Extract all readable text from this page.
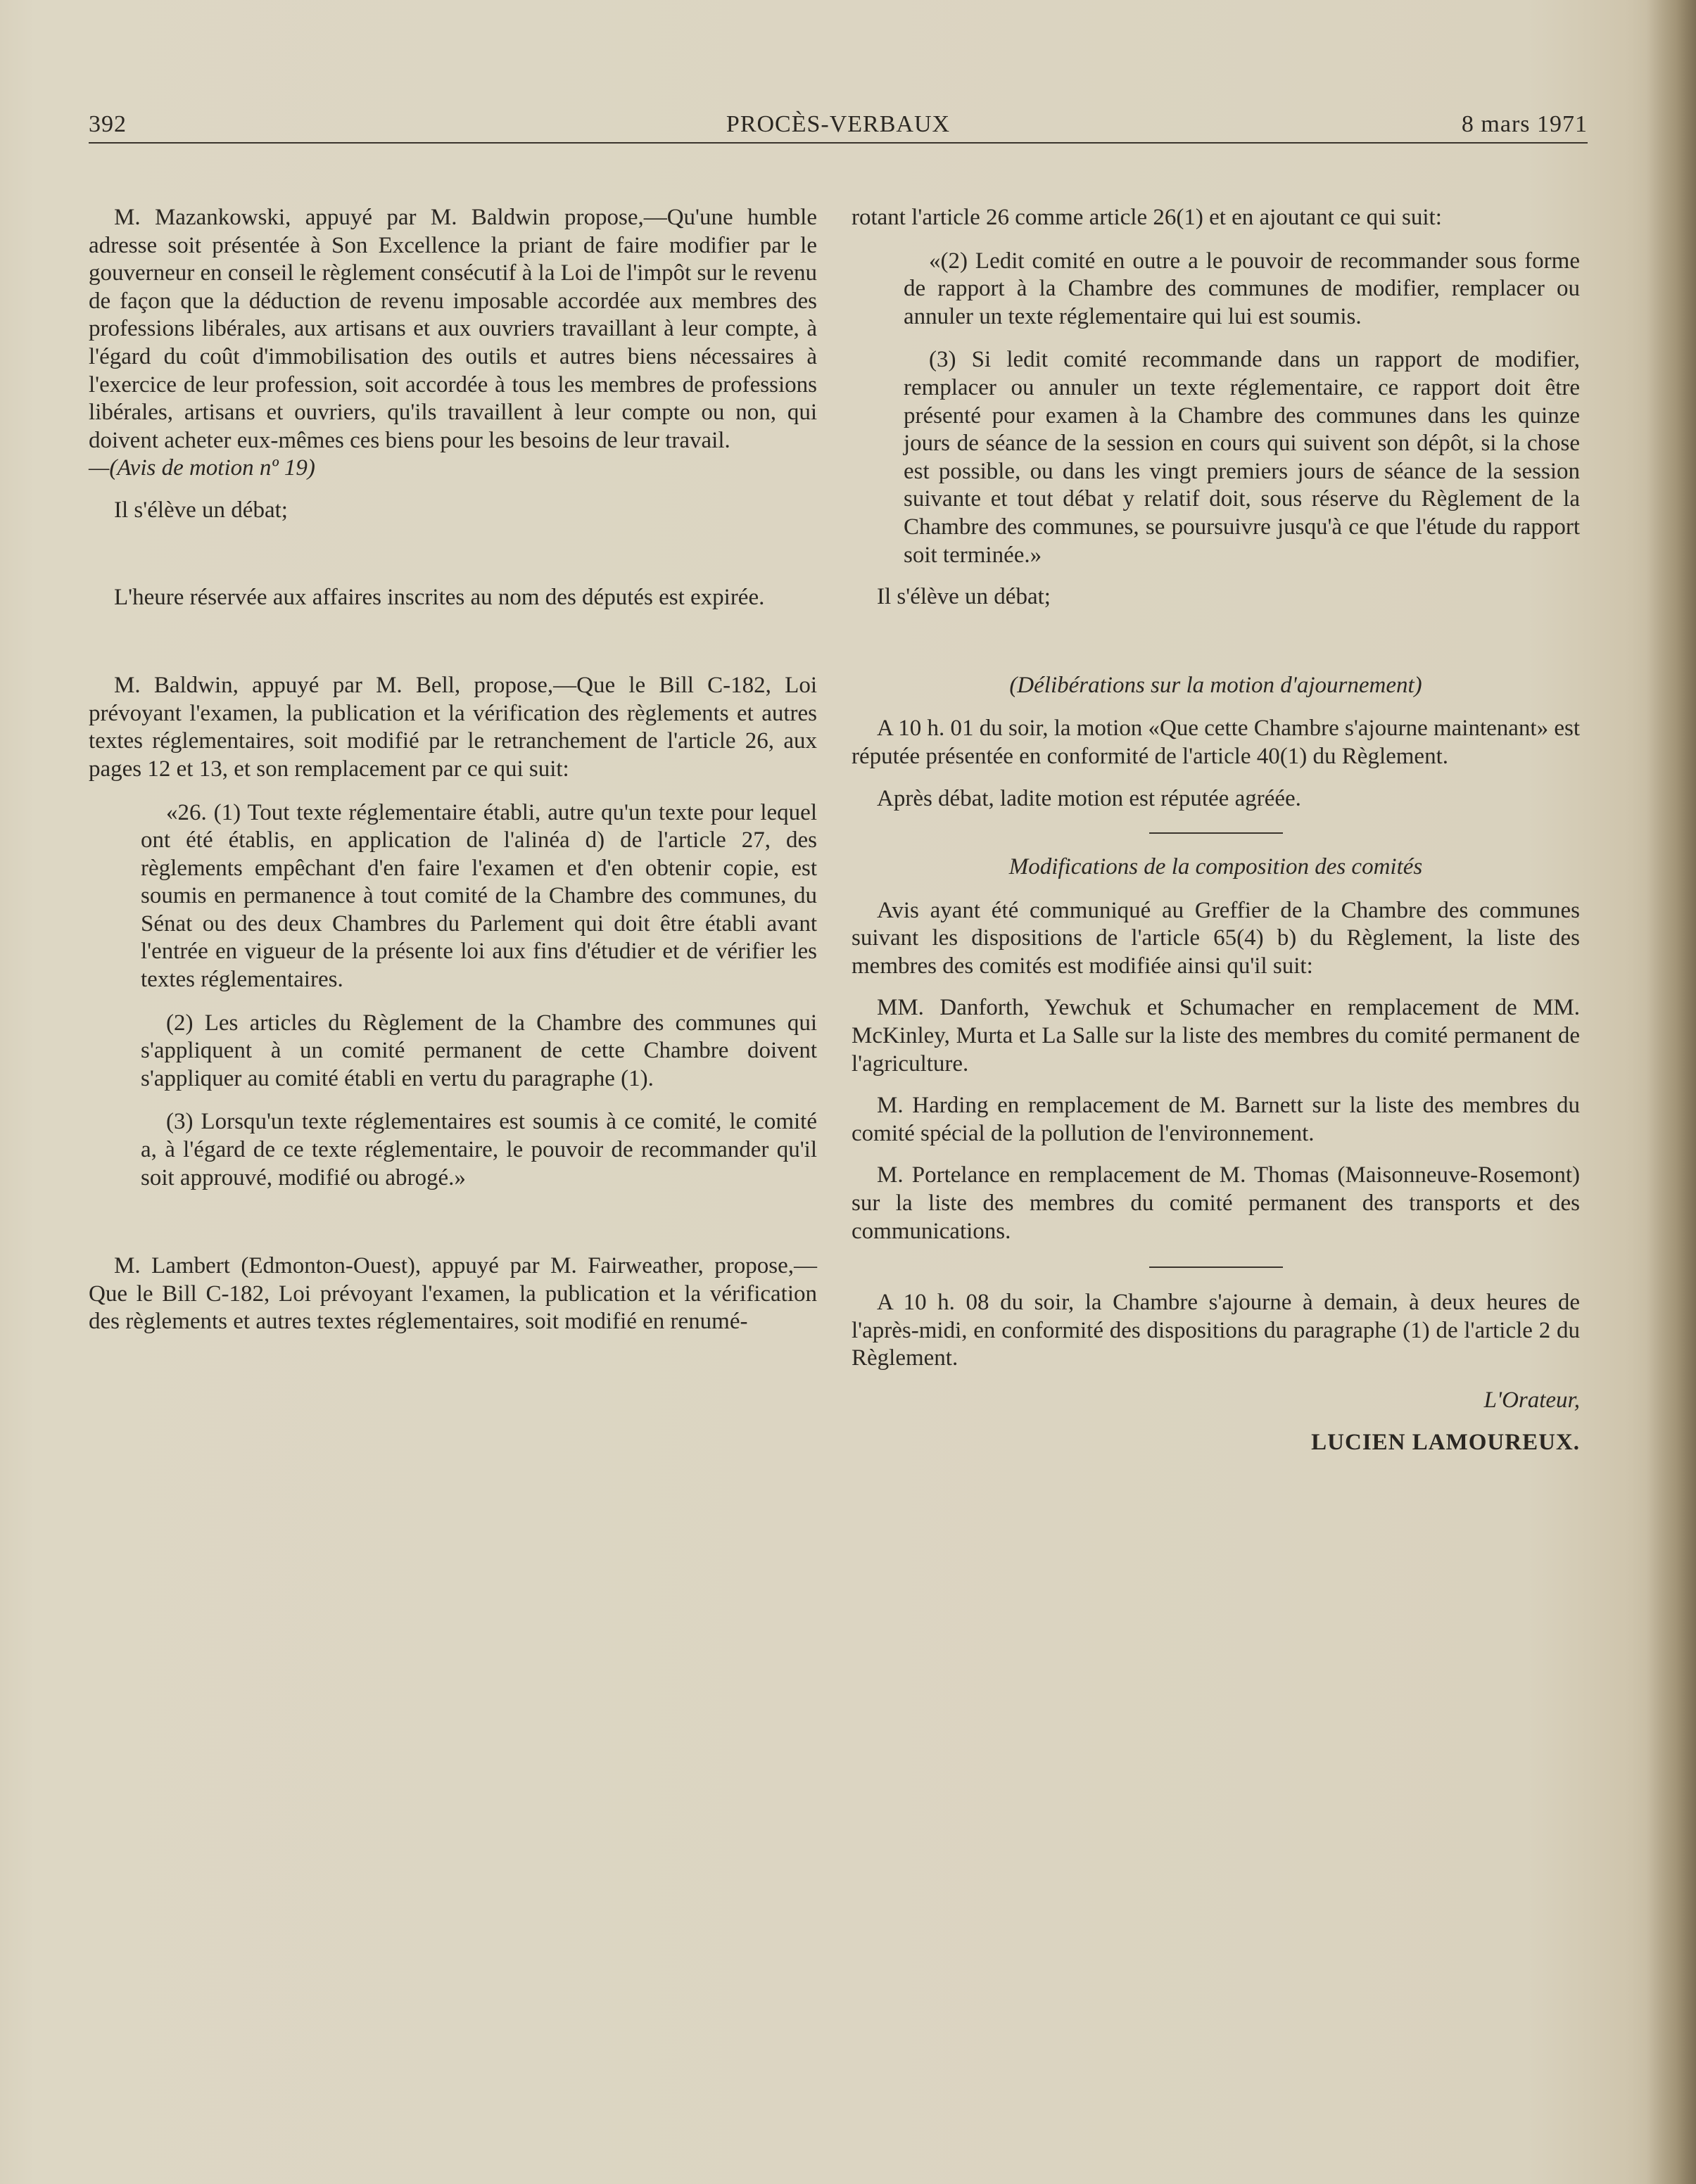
392	PROCÈS-VERBAUX	8 mars 1971

M. Mazankowski, appuyé par M. Baldwin propose,—Qu'une humble adresse soit présentée à Son Excellence la priant de faire modifier par le gouverneur en conseil le règlement consécutif à la Loi de l'impôt sur le revenu de façon que la déduction de revenu imposable accordée aux membres des professions libérales, aux artisans et aux ouvriers travaillant à leur compte, à l'égard du coût d'immobilisation des outils et autres biens nécessaires à l'exercice de leur profession, soit accordée à tous les membres de professions libérales, artisans et ouvriers, qu'ils travaillent à leur compte ou non, qui doivent acheter eux-mêmes ces biens pour les besoins de leur travail.

—(Avis de motion nº 19)

Il s'élève un débat;

L'heure réservée aux affaires inscrites au nom des députés est expirée.

M. Baldwin, appuyé par M. Bell, propose,—Que le Bill C-182, Loi prévoyant l'examen, la publication et la vérification des règlements et autres textes réglementaires, soit modifié par le retranchement de l'article 26, aux pages 12 et 13, et son remplacement par ce qui suit:

«26. (1) Tout texte réglementaire établi, autre qu'un texte pour lequel ont été établis, en application de l'alinéa d) de l'article 27, des règlements empêchant d'en faire l'examen et d'en obtenir copie, est soumis en permanence à tout comité de la Chambre des communes, du Sénat ou des deux Chambres du Parlement qui doit être établi avant l'entrée en vigueur de la présente loi aux fins d'étudier et de vérifier les textes réglementaires.

(2) Les articles du Règlement de la Chambre des communes qui s'appliquent à un comité permanent de cette Chambre doivent s'appliquer au comité établi en vertu du paragraphe (1).

(3) Lorsqu'un texte réglementaires est soumis à ce comité, le comité a, à l'égard de ce texte réglementaire, le pouvoir de recommander qu'il soit approuvé, modifié ou abrogé.»

M. Lambert (Edmonton-Ouest), appuyé par M. Fairweather, propose,—Que le Bill C-182, Loi prévoyant l'examen, la publication et la vérification des règlements et autres textes réglementaires, soit modifié en renumé-

rotant l'article 26 comme article 26(1) et en ajoutant ce qui suit:

«(2) Ledit comité en outre a le pouvoir de recommander sous forme de rapport à la Chambre des communes de modifier, remplacer ou annuler un texte réglementaire qui lui est soumis.

(3) Si ledit comité recommande dans un rapport de modifier, remplacer ou annuler un texte réglementaire, ce rapport doit être présenté pour examen à la Chambre des communes dans les quinze jours de séance de la session en cours qui suivent son dépôt, si la chose est possible, ou dans les vingt premiers jours de séance de la session suivante et tout débat y relatif doit, sous réserve du Règlement de la Chambre des communes, se poursuivre jusqu'à ce que l'étude du rapport soit terminée.»

Il s'élève un débat;

(Délibérations sur la motion d'ajournement)

A 10 h. 01 du soir, la motion «Que cette Chambre s'ajourne maintenant» est réputée présentée en conformité de l'article 40(1) du Règlement.

Après débat, ladite motion est réputée agréée.

Modifications de la composition des comités

Avis ayant été communiqué au Greffier de la Chambre des communes suivant les dispositions de l'article 65(4) b) du Règlement, la liste des membres des comités est modifiée ainsi qu'il suit:

MM. Danforth, Yewchuk et Schumacher en remplacement de MM. McKinley, Murta et La Salle sur la liste des membres du comité permanent de l'agriculture.

M. Harding en remplacement de M. Barnett sur la liste des membres du comité spécial de la pollution de l'environnement.

M. Portelance en remplacement de M. Thomas (Maisonneuve-Rosemont) sur la liste des membres du comité permanent des transports et des communications.

A 10 h. 08 du soir, la Chambre s'ajourne à demain, à deux heures de l'après-midi, en conformité des dispositions du paragraphe (1) de l'article 2 du Règlement.

L'Orateur,

LUCIEN LAMOUREUX.
